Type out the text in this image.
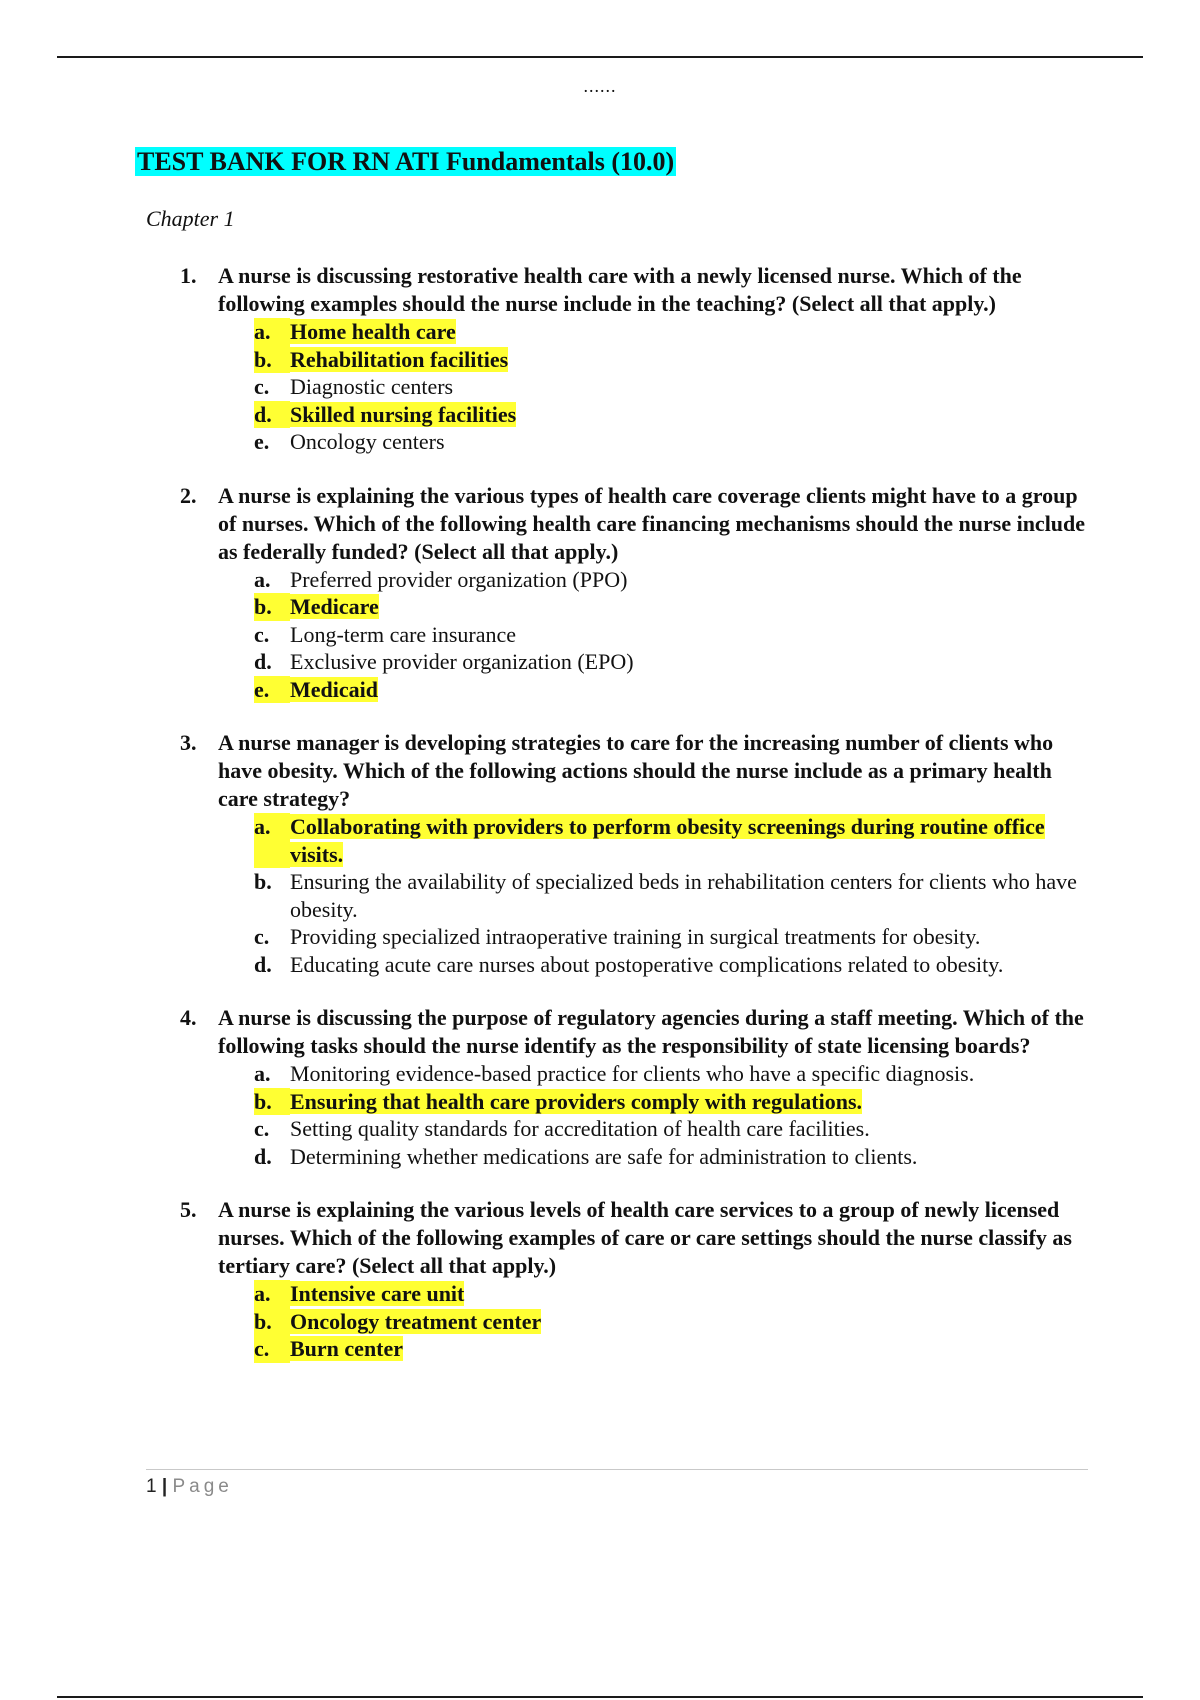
......
TEST BANK FOR RN ATI Fundamentals (10.0)
Chapter 1
1. A nurse is discussing restorative health care with a newly licensed nurse. Which of the following examples should the nurse include in the teaching? (Select all that apply.)
a. Home health care
b. Rehabilitation facilities
c. Diagnostic centers
d. Skilled nursing facilities
e. Oncology centers
2. A nurse is explaining the various types of health care coverage clients might have to a group of nurses. Which of the following health care financing mechanisms should the nurse include as federally funded? (Select all that apply.)
a. Preferred provider organization (PPO)
b. Medicare
c. Long-term care insurance
d. Exclusive provider organization (EPO)
e. Medicaid
3. A nurse manager is developing strategies to care for the increasing number of clients who have obesity. Which of the following actions should the nurse include as a primary health care strategy?
a. Collaborating with providers to perform obesity screenings during routine office visits.
b. Ensuring the availability of specialized beds in rehabilitation centers for clients who have obesity.
c. Providing specialized intraoperative training in surgical treatments for obesity.
d. Educating acute care nurses about postoperative complications related to obesity.
4. A nurse is discussing the purpose of regulatory agencies during a staff meeting. Which of the following tasks should the nurse identify as the responsibility of state licensing boards?
a. Monitoring evidence-based practice for clients who have a specific diagnosis.
b. Ensuring that health care providers comply with regulations.
c. Setting quality standards for accreditation of health care facilities.
d. Determining whether medications are safe for administration to clients.
5. A nurse is explaining the various levels of health care services to a group of newly licensed nurses. Which of the following examples of care or care settings should the nurse classify as tertiary care? (Select all that apply.)
a. Intensive care unit
b. Oncology treatment center
c. Burn center
1 | Page
